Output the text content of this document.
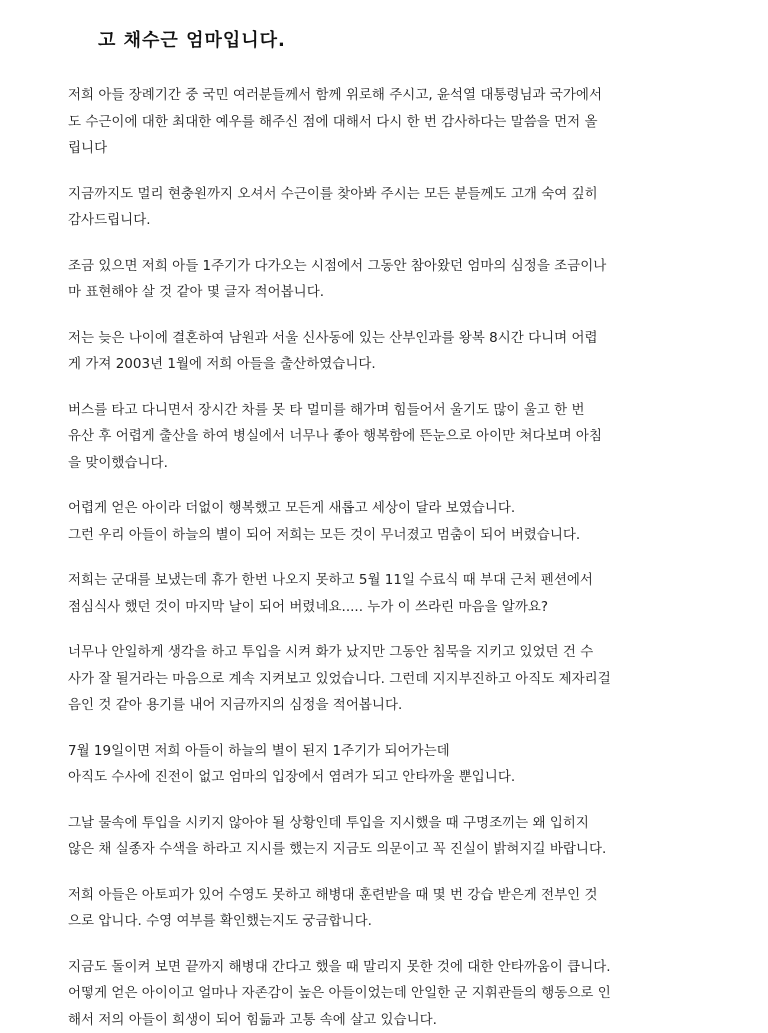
고 채수근 엄마입니다.

저희 아들 장례기간 중 국민 여러분들께서 함께 위로해 주시고, 윤석열 대통령님과 국가에서
도 수근이에 대한 최대한 예우를 해주신 점에 대해서 다시 한 번 감사하다는 말씀을 먼저 올
립니다

지금까지도 멀리 현충원까지 오셔서 수근이를 찾아봐 주시는 모든 분들께도 고개 숙여 깊히
감사드립니다.

조금 있으면 저희 아들 1주기가 다가오는 시점에서 그동안 참아왔던 엄마의 심정을 조금이나
마 표현해야 살 것 같아 몇 글자 적어봅니다.

저는 늦은 나이에 결혼하여 남원과 서울 신사동에 있는 산부인과를 왕복 8시간 다니며 어렵
게 가져 2003년 1월에 저희 아들을 출산하였습니다.

버스를 타고 다니면서 장시간 차를 못 타 멀미를 해가며 힘들어서 울기도 많이 울고 한 번
유산 후 어렵게 출산을 하여 병실에서 너무나 좋아 행복함에 뜬눈으로 아이만 쳐다보며 아침
을 맞이했습니다.

어렵게 얻은 아이라 더없이 행복했고 모든게 새롭고 세상이 달라 보였습니다.
그런 우리 아들이 하늘의 별이 되어 저희는 모든 것이 무너졌고 멈춤이 되어 버렸습니다.

저희는 군대를 보냈는데 휴가 한번 나오지 못하고 5월 11일 수료식 때 부대 근처 펜션에서
점심식사 했던 것이 마지막 날이 되어 버렸네요..... 누가 이 쓰라린 마음을 알까요?

너무나 안일하게 생각을 하고 투입을 시켜 화가 났지만 그동안 침묵을 지키고 있었던 건 수
사가 잘 될거라는 마음으로 계속 지켜보고 있었습니다. 그런데 지지부진하고 아직도 제자리걸
음인 것 같아 용기를 내어 지금까지의 심정을 적어봅니다.

7월 19일이면 저희 아들이 하늘의 별이 된지 1주기가 되어가는데
아직도 수사에 진전이 없고 엄마의 입장에서 염려가 되고 안타까울 뿐입니다.

그날 물속에 투입을 시키지 않아야 될 상황인데 투입을 지시했을 때 구명조끼는 왜 입히지
않은 채 실종자 수색을 하라고 지시를 했는지 지금도 의문이고 꼭 진실이 밝혀지길 바랍니다.

저희 아들은 아토피가 있어 수영도 못하고 해병대 훈련받을 때 몇 번 강습 받은게 전부인 것
으로 압니다. 수영 여부를 확인했는지도 궁금합니다.

지금도 돌이켜 보면 끝까지 해병대 간다고 했을 때 말리지 못한 것에 대한 안타까움이 큽니다.
어떻게 얻은 아이이고 얼마나 자존감이 높은 아들이었는데 안일한 군 지휘관들의 행동으로 인
해서 저의 아들이 희생이 되어 힘듦과 고통 속에 살고 있습니다.
